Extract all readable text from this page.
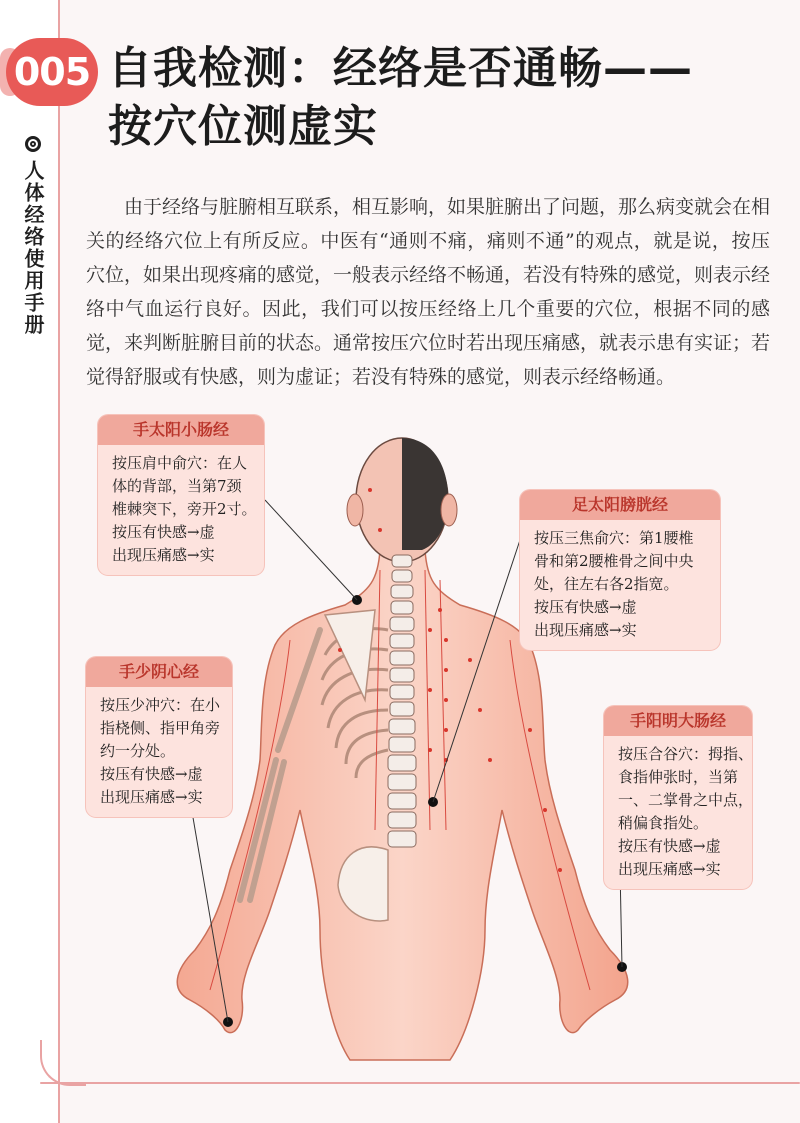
005 自我检测：经络是否通畅——
按穴位测虚实
人体经络使用手册	由于经络与脏腑相互联系，相互影响，如果脏腑出了问题，那么病变就会在相关的经络穴位上有所反应。中医有“通则不痛，痛则不通”的观点，就是说，按压穴位，如果出现疼痛的感觉，一般表示经络不畅通，若没有特殊的感觉，则表示经络中气血运行良好。因此，我们可以按压经络上几个重要的穴位，根据不同的感觉，来判断脏腑目前的状态。通常按压穴位时若出现压痛感，就表示患有实证；若觉得舒服或有快感，则为虚证；若没有特殊的感觉，则表示经络畅通。

手太阳小肠经
按压肩中俞穴：在人
体的背部，当第7颈
椎棘突下，旁开2寸。
按压有快感→虚
出现压痛感→实
足太阳膀胱经
按压三焦俞穴：第1腰椎
骨和第2腰椎骨之间中央
处，往左右各2指宽。
按压有快感→虚
出现压痛感→实
手少阴心经
按压少冲穴：在小
指桡侧、指甲角旁
约一分处。
按压有快感→虚
出现压痛感→实
手阳明大肠经
按压合谷穴：拇指、
食指伸张时，当第
一、二掌骨之中点，
稍偏食指处。
按压有快感→虚
出现压痛感→实
